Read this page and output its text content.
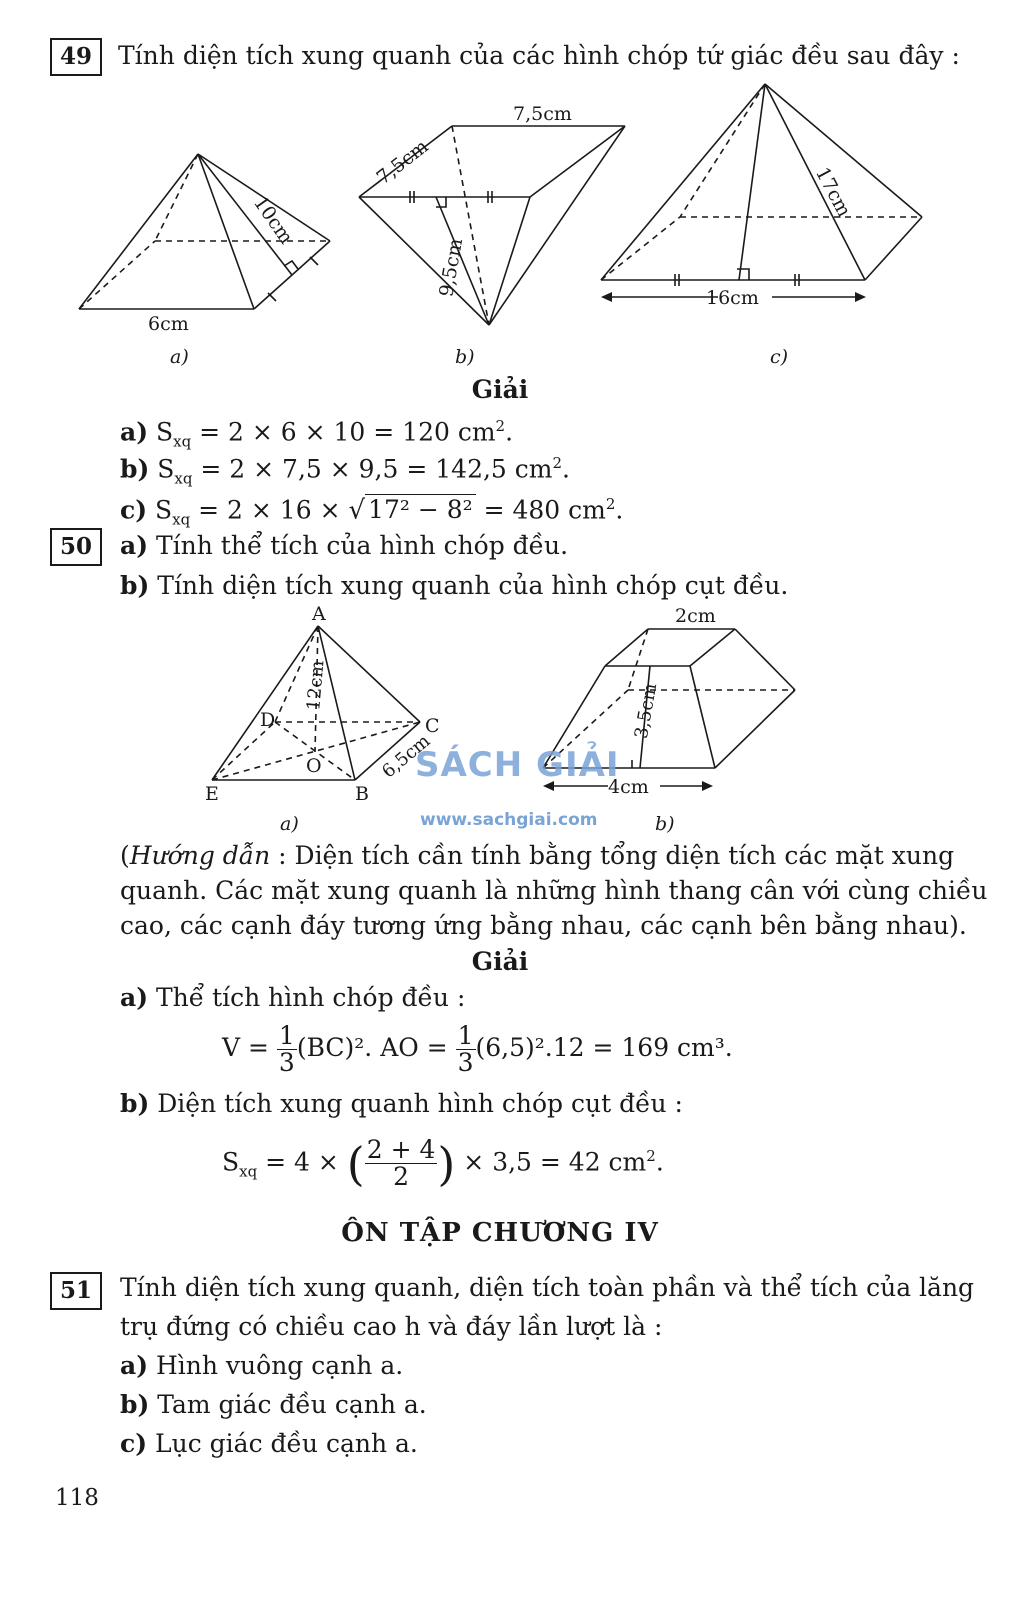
49	Tính diện tích xung quanh của các hình chóp tứ giác đều sau đây :
10cm
6cm
a)
7,5cm
7,5cm
9,5cm
b)
17cm
16cm
c)
Giải
a) $S_{xq} = 2 \times 6 \times 10 = 120$ $cm^2$.
b) $S_{xq} = 2 \times 7,5 \times 9,5 = 142,5$ $cm^2$.
c) $S_{xq} = 2 \times 16$ × √ 17² − 8² = 480 $cm^2$.
50	a) Tính thể tích của hình chóp đều.
b) Tính diện tích xung quanh của hình chóp cụt đều.
A
B
C
D
E
O
12cm
6,5cm
a)
2cm
3,5cm
4cm
b)
SÁCH GIẢI
www.sachgiai.com
(Hướng dẫn : Diện tích cần tính bằng tổng diện tích các mặt xung
quanh. Các mặt xung quanh là những hình thang cân với cùng chiều
cao, các cạnh đáy tương ứng bằng nhau, các cạnh bên bằng nhau).
Giải
a) Thể tích hình chóp đều :
$V = \frac{1}{3} (BC)^2$. AO = $\frac{1}{3} (6,5)^2.12 = 169$ cm³.
b) Diện tích xung quanh hình chóp cụt đều :
$S_{xq} = 4$ × ( $\frac{2 + 4}{2}$ ) × 3,5 = 42 $cm^2$.
ÔN TẬP CHƯƠNG IV
51	Tính diện tích xung quanh, diện tích toàn phần và thể tích của lăng
trụ đứng có chiều cao h và đáy lần lượt là :
a) Hình vuông cạnh a.
b) Tam giác đều cạnh a.
c) Lục giác đều cạnh a.
118
